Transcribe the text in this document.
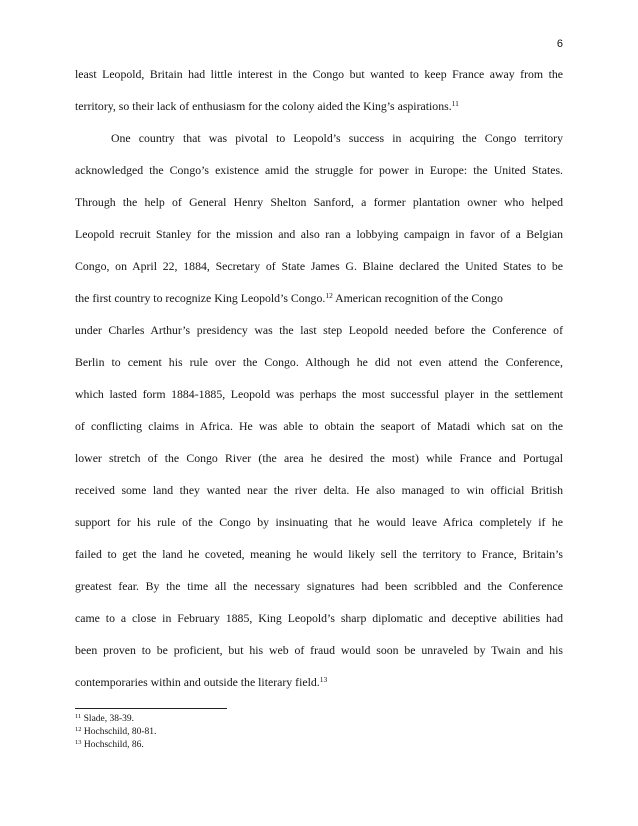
6
least Leopold, Britain had little interest in the Congo but wanted to keep France away from the
territory, so their lack of enthusiasm for the colony aided the King’s aspirations.$^{11}$
One country that was pivotal to Leopold’s success in acquiring the Congo territory
acknowledged the Congo’s existence amid the struggle for power in Europe: the United States.
Through the help of General Henry Shelton Sanford, a former plantation owner who helped
Leopold recruit Stanley for the mission and also ran a lobbying campaign in favor of a Belgian
Congo, on April 22, 1884, Secretary of State James G. Blaine declared the United States to be
the first country to recognize King Leopold’s Congo.$^{12}$ American recognition of the Congo
under Charles Arthur’s presidency was the last step Leopold needed before the Conference of
Berlin to cement his rule over the Congo. Although he did not even attend the Conference,
which lasted form 1884-1885, Leopold was perhaps the most successful player in the settlement
of conflicting claims in Africa. He was able to obtain the seaport of Matadi which sat on the
lower stretch of the Congo River (the area he desired the most) while France and Portugal
received some land they wanted near the river delta. He also managed to win official British
support for his rule of the Congo by insinuating that he would leave Africa completely if he
failed to get the land he coveted, meaning he would likely sell the territory to France, Britain’s
greatest fear. By the time all the necessary signatures had been scribbled and the Conference
came to a close in February 1885, King Leopold’s sharp diplomatic and deceptive abilities had
been proven to be proficient, but his web of fraud would soon be unraveled by Twain and his
contemporaries within and outside the literary field.$^{13}$
$^{11}$ Slade, 38-39.
$^{12}$ Hochschild, 80-81.
$^{13}$ Hochschild, 86.
